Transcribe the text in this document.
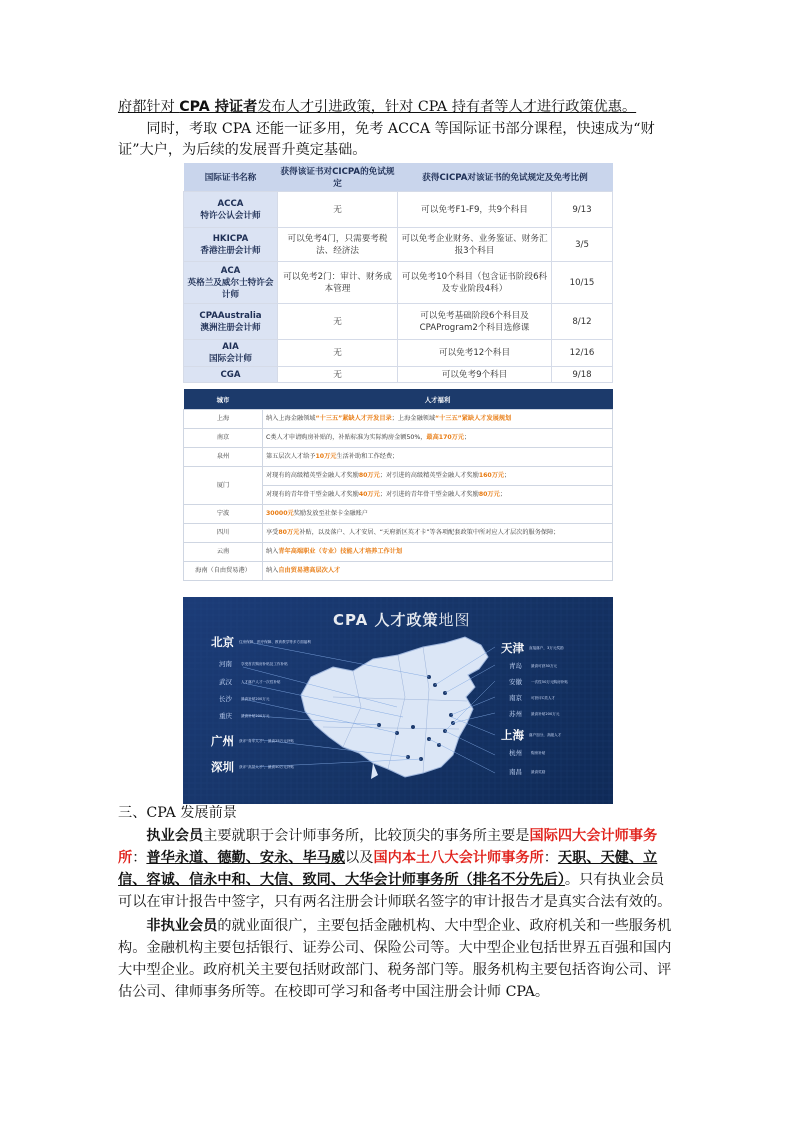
府都针对 CPA 持证者发布人才引进政策，针对 CPA 持有者等人才进行政策优惠。
同时，考取 CPA 还能一证多用，免考 ACCA 等国际证书部分课程，快速成为“财证”大户，为后续的发展晋升奠定基础。
国际证书名称	获得该证书对CICPA的免试规定	获得CICPA对该证书的免试规定及免考比例	

ACCA
特许公认会计师	无	可以免考F1-F9，共9个科目	9/13

HKICPA
香港注册会计师	可以免考4门，只需要考税法、经济法	可以免考企业财务、业务鉴证、财务汇报3个科目	3/5

ACA
英格兰及威尔士特许会计师	可以免考2门：审计、财务成本管理	可以免考10个科目（包含证书阶段6科及专业阶段4科）	10/15

CPAAustralia
澳洲注册会计师	无	可以免考基础阶段6个科目及CPAProgram2个科目选修课	8/12

AIA
国际会计师	无	可以免考12个科目	12/16

CGA	无	可以免考9个科目	9/18
城市	人才福利
上海	纳入上海金融领域“十三五”紧缺人才开发目录；上海金融领域“十三五”紧缺人才发展规划
南京	C类人才申请购房补贴的，补贴标准为实际购房金额50%，最高170万元；
泉州	第五层次人才给予10万元生活补助和工作经费；
厦门	对现有的高级精英型金融人才奖励80万元；对引进的高级精英型金融人才奖励160万元；
	对现有的青年骨干型金融人才奖励40万元；对引进的青年骨干型金融人才奖励80万元；
宁波	30000元奖励发放至社保卡金融账户
四川	享受80万元补贴，以及落户、人才安居、“天府新区英才卡”等各项配套政策中所对应人才层次的服务保障；
云南	纳入青年高端职业（专业）技能人才培养工作计划
海南（自由贸易港）	纳入自由贸易港高层次人才
CPA 人才政策地图
北京 住房保障、医疗保障、教育教学等多方面福利
河南	享受首次购房补贴及工作补贴
武汉	人才落户人才一次性补贴
长沙	最高补贴200万元
重庆	最高补贴200万元
广州 获评“青年人才”，最高25万元补贴
深圳 获评“高层人才”，最高50万元补贴
天津 直接落户，3万元奖励
青岛	最高可获30万元
安徽	一次性50万元购房补贴
南京	可获评C类人才
苏州	最高补贴200万元
上海 落户加分，高级人才
杭州	购房补贴
南昌	最高奖励
三、CPA 发展前景
执业会员主要就职于会计师事务所，比较顶尖的事务所主要是国际四大会计师事务所：普华永道、德勤、安永、毕马威以及国内本土八大会计师事务所：天职、天健、立信、容诚、信永中和、大信、致同、大华会计师事务所（排名不分先后）。只有执业会员可以在审计报告中签字，只有两名注册会计师联名签字的审计报告才是真实合法有效的。
非执业会员的就业面很广，主要包括金融机构、大中型企业、政府机关和一些服务机构。金融机构主要包括银行、证券公司、保险公司等。大中型企业包括世界五百强和国内大中型企业。政府机关主要包括财政部门、税务部门等。服务机构主要包括咨询公司、评估公司、律师事务所等。在校即可学习和备考中国注册会计师 CPA。
